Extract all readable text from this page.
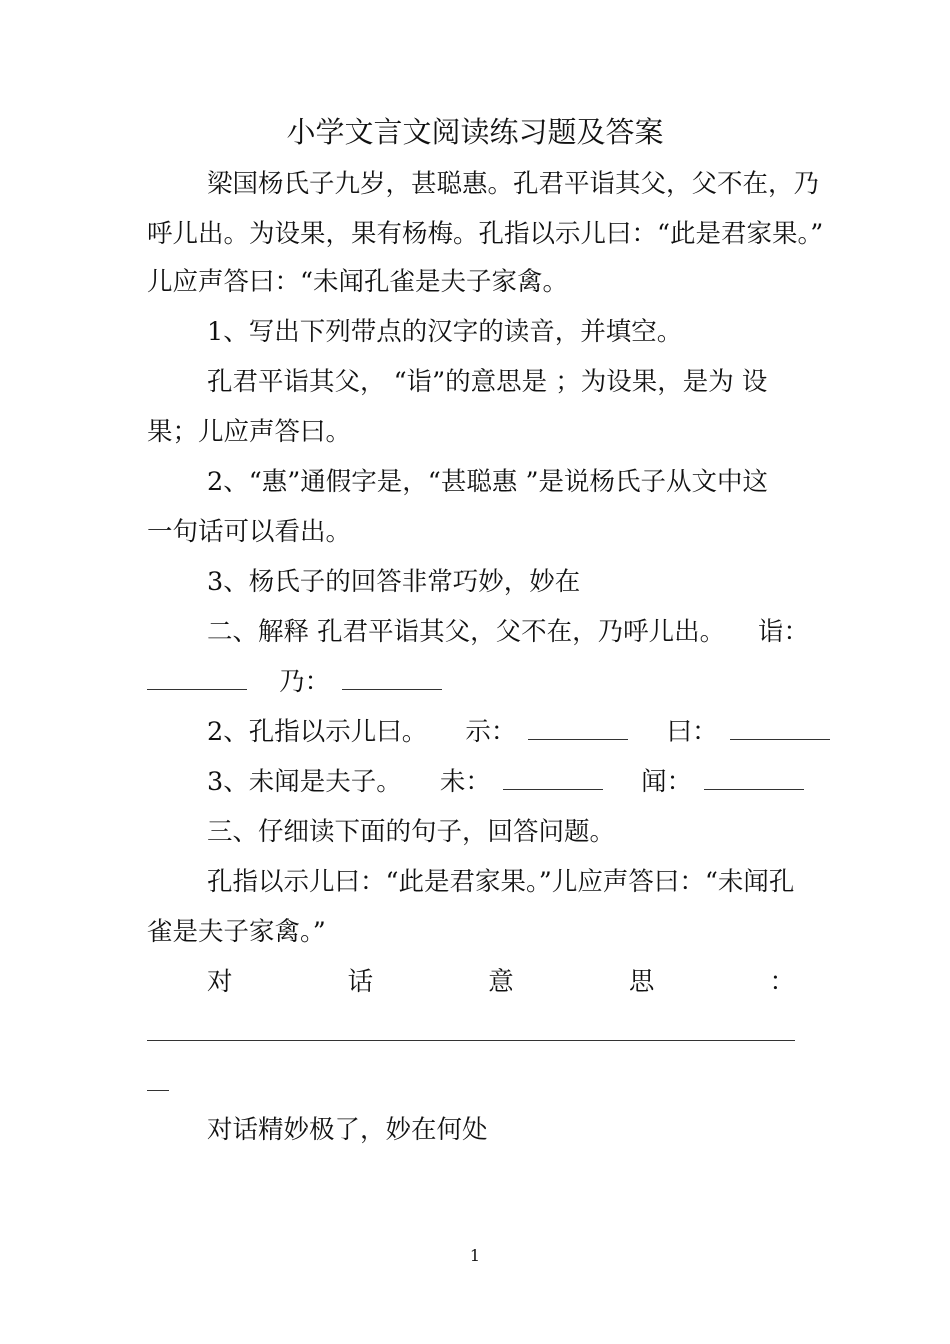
小学文言文阅读练习题及答案
梁国杨氏子九岁，甚聪惠。孔君平诣其父，父不在，乃
呼儿出。为设果，果有杨梅。孔指以示儿曰：“此是君家果。”
儿应声答曰：“未闻孔雀是夫子家禽。
1、写出下列带点的汉字的读音，并填空。
孔君平诣其父， “诣”的意思是 ；为设果，是为 设
果；儿应声答曰。
2、“惠”通假字是，“甚聪惠 ”是说杨氏子从文中这
一句话可以看出。
3、杨氏子的回答非常巧妙，妙在
二、解释 孔君平诣其父，父不在，乃呼儿出。 诣：
乃：
2、孔指以示儿曰。 示：	曰：
3、未闻是夫子。 未：	闻：
三、仔细读下面的句子，回答问题。
孔指以示儿曰：“此是君家果。”儿应声答曰：“未闻孔
雀是夫子家禽。”
对	话	意	思	：
对话精妙极了，妙在何处
1
